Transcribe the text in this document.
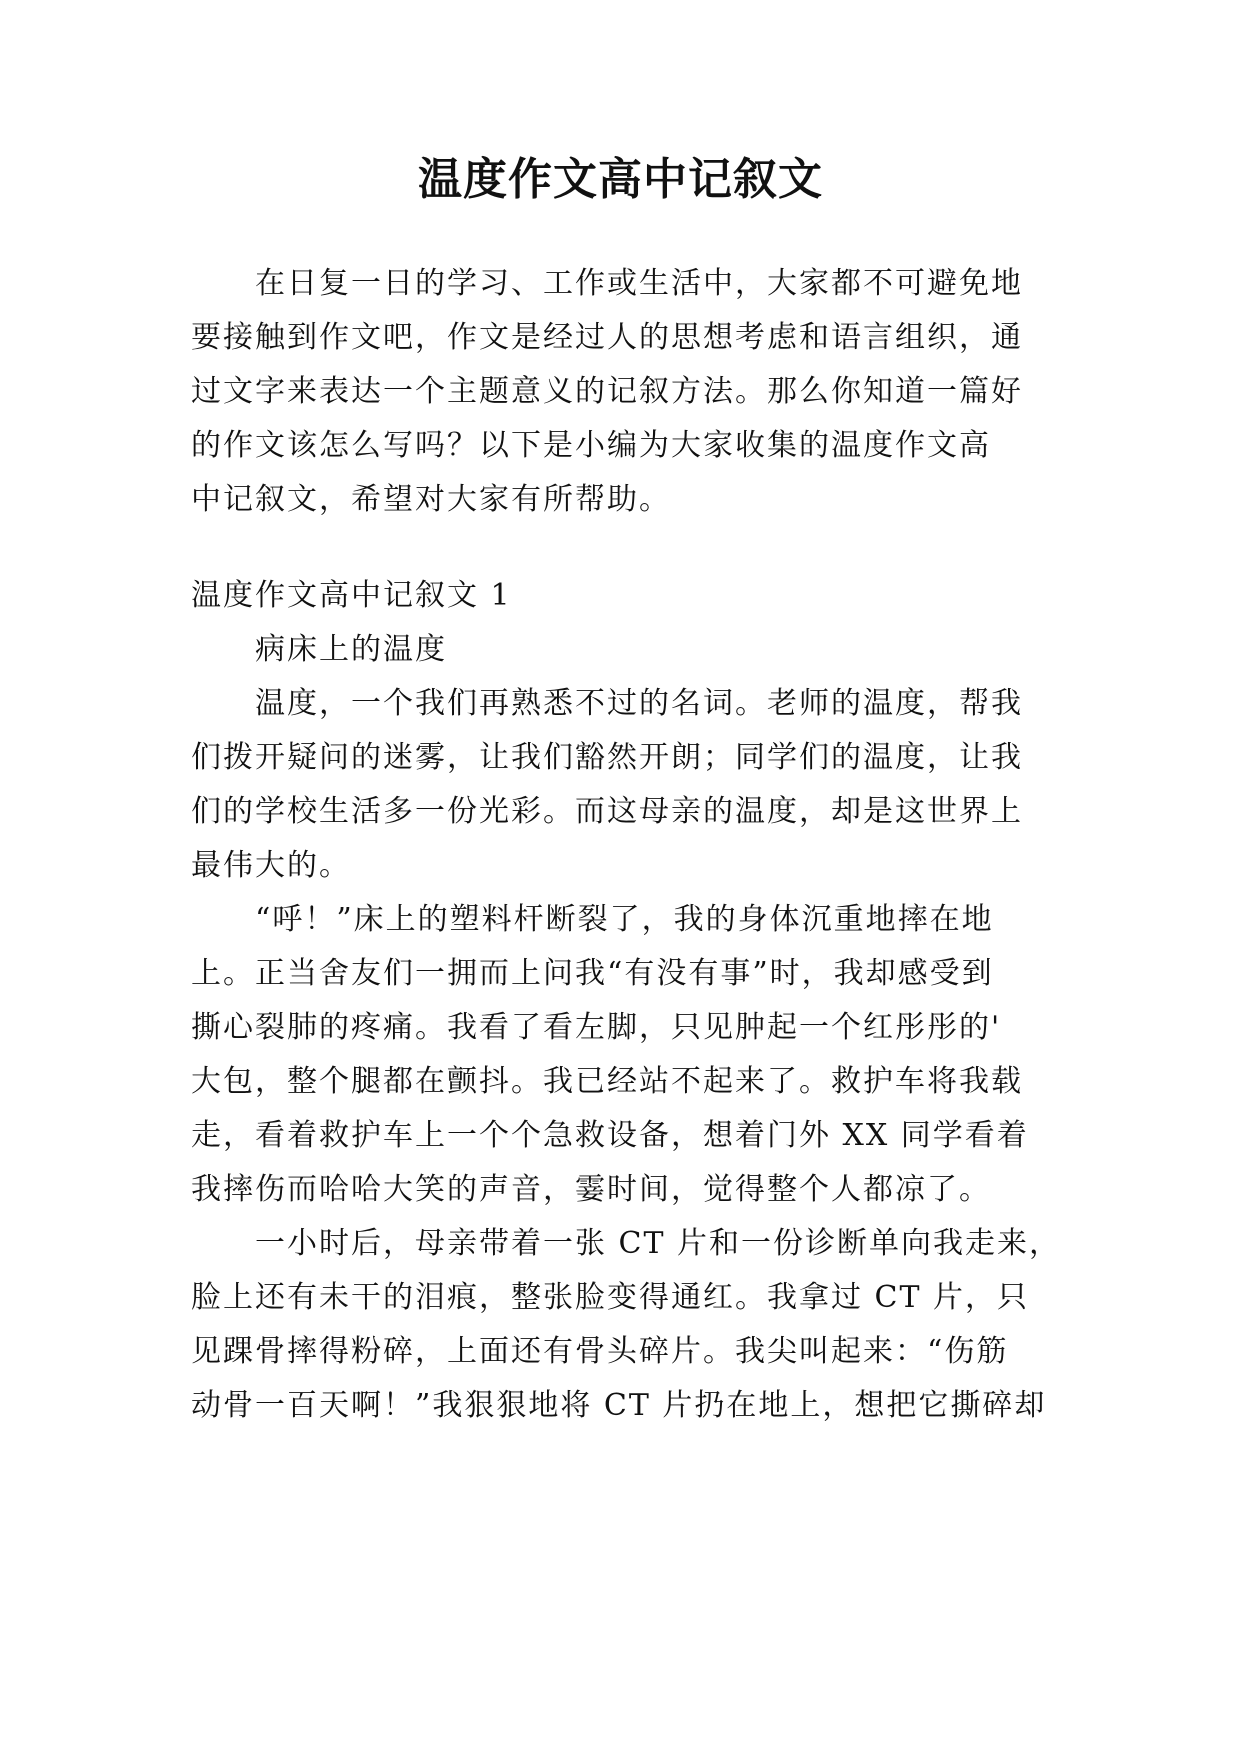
温度作文高中记叙文
在日复一日的学习、工作或生活中，大家都不可避免地
要接触到作文吧，作文是经过人的思想考虑和语言组织，通
过文字来表达一个主题意义的记叙方法。那么你知道一篇好
的作文该怎么写吗？以下是小编为大家收集的温度作文高
中记叙文，希望对大家有所帮助。
温度作文高中记叙文 1
病床上的温度
温度，一个我们再熟悉不过的名词。老师的温度，帮我
们拨开疑问的迷雾，让我们豁然开朗；同学们的温度，让我
们的学校生活多一份光彩。而这母亲的温度，却是这世界上
最伟大的。
“呼！”床上的塑料杆断裂了，我的身体沉重地摔在地
上。正当舍友们一拥而上问我“有没有事”时，我却感受到
撕心裂肺的疼痛。我看了看左脚，只见肿起一个红彤彤的'
大包，整个腿都在颤抖。我已经站不起来了。救护车将我载
走，看着救护车上一个个急救设备，想着门外 XX 同学看着
我摔伤而哈哈大笑的声音，霎时间，觉得整个人都凉了。
一小时后，母亲带着一张 CT 片和一份诊断单向我走来，
脸上还有未干的泪痕，整张脸变得通红。我拿过 CT 片，只
见踝骨摔得粉碎，上面还有骨头碎片。我尖叫起来：“伤筋
动骨一百天啊！”我狠狠地将 CT 片扔在地上，想把它撕碎却
